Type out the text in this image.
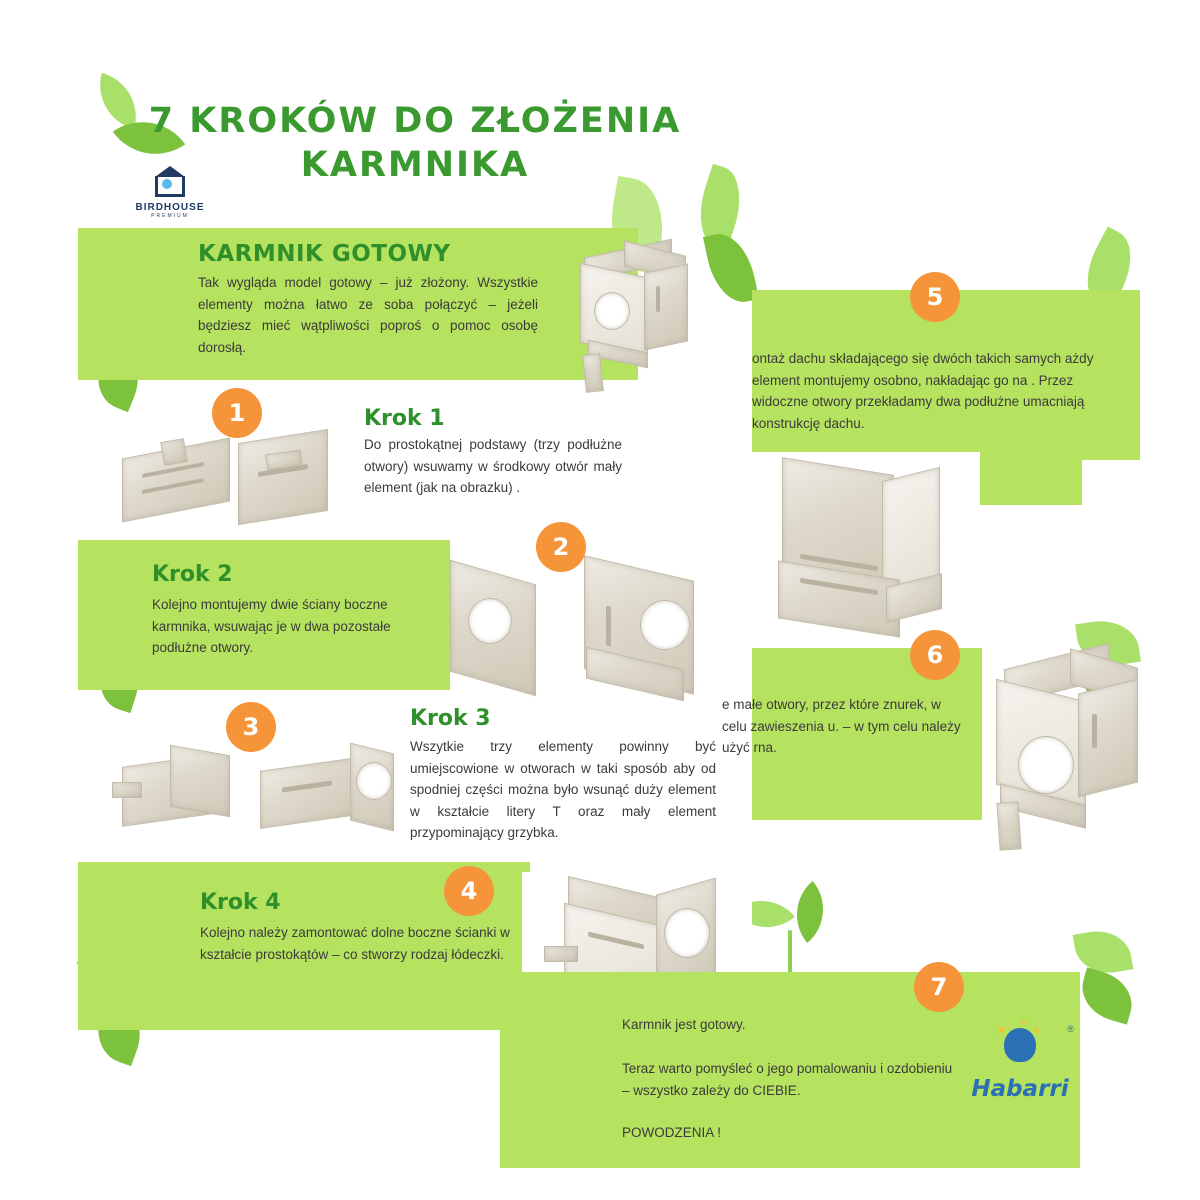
7 KROKÓW DO ZŁOŻENIA
KARMNIKA
BIRDHOUSE
PREMIUM
KARMNIK GOTOWY
Tak wygląda model gotowy – już złożony. Wszystkie elementy można łatwo ze soba połączyć – jeżeli będziesz mieć wątpliwości poproś o pomoc osobę dorosłą.
5
ontaż dachu składającego się dwóch takich samych ażdy element montujemy osobno, nakładając go na . Przez widoczne otwory przekładamy dwa podłużne umacniają konstrukcję dachu.
1	Krok 1
Do prostokątnej podstawy (trzy podłużne otwory) wsuwamy w środkowy otwór mały element (jak na obrazku) .
Krok 2
Kolejno montujemy dwie ściany boczne karmnika, wsuwając je w dwa pozostałe podłużne otwory.
2
6
e małe otwory, przez które znurek, w celu zawieszenia u. – w tym celu należy użyć rna.
3	Krok 3
Wszytkie trzy elementy powinny być umiejscowione w otworach w taki sposób aby od spodniej części można było wsunąć duży element w kształcie litery T oraz mały element przypominający grzybka.
Krok 4
Kolejno należy zamontować dolne boczne ścianki w kształcie prostokątów – co stworzy rodzaj łódeczki.
4
7
Karmnik jest gotowy.
Teraz warto pomyśleć o jego pomalowaniu i ozdobieniu – wszystko zależy do CIEBIE.
POWODZENIA !
★ ★
★
®
Habarri
